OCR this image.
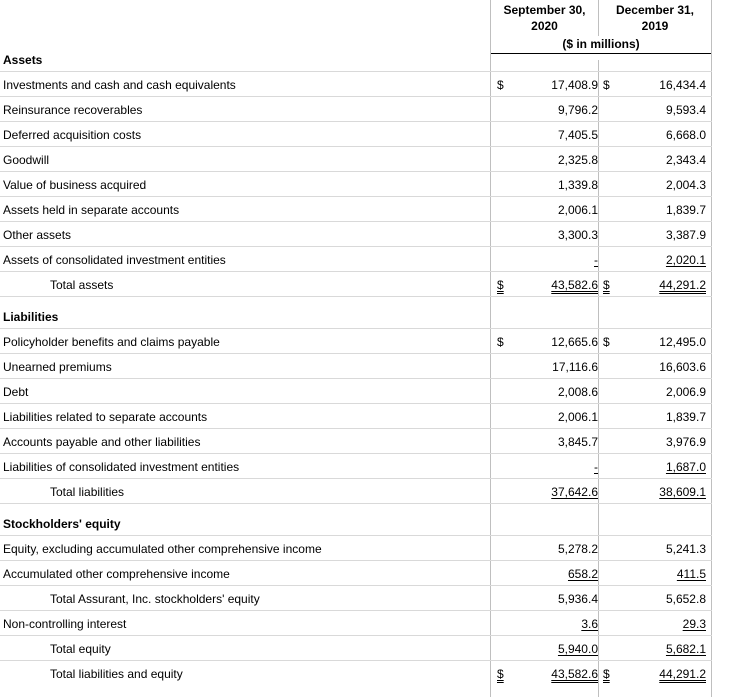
September 30,
2020
December 31,
2019
($ in millions)
Assets
Investments and cash and cash equivalents	$	17,408.9 $	16,434.4
Reinsurance recoverables	9,796.2	9,593.4
Deferred acquisition costs	7,405.5	6,668.0
Goodwill	2,325.8	2,343.4
Value of business acquired	1,339.8	2,004.3
Assets held in separate accounts	2,006.1	1,839.7
Other assets	3,300.3	3,387.9
Assets of consolidated investment entities	-	2,020.1
Total assets	$	43,582.6 $	44,291.2
Liabilities
Policyholder benefits and claims payable	$	12,665.6 $	12,495.0
Unearned premiums	17,116.6	16,603.6
Debt	2,008.6	2,006.9
Liabilities related to separate accounts	2,006.1	1,839.7
Accounts payable and other liabilities	3,845.7	3,976.9
Liabilities of consolidated investment entities	-	1,687.0
Total liabilities	37,642.6	38,609.1
Stockholders' equity
Equity, excluding accumulated other comprehensive income	5,278.2	5,241.3
Accumulated other comprehensive income	658.2	411.5
Total Assurant, Inc. stockholders' equity	5,936.4	5,652.8
Non-controlling interest	3.6	29.3
Total equity	5,940.0	5,682.1
Total liabilities and equity	$	43,582.6 $	44,291.2
